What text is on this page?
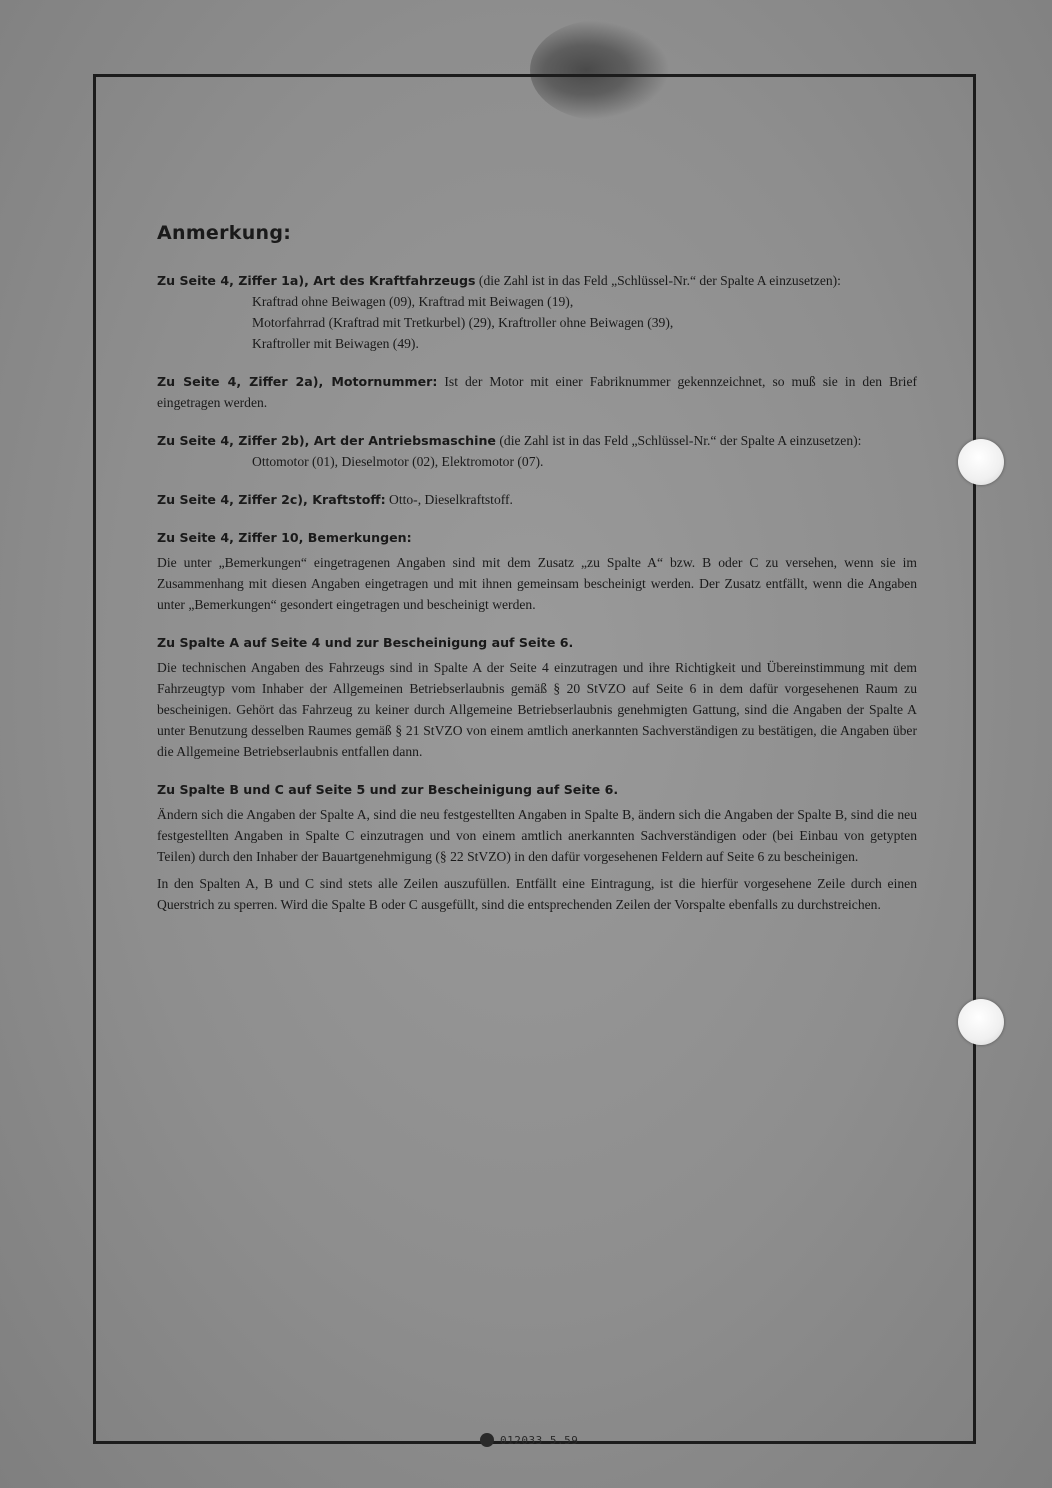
Anmerkung:

Zu Seite 4, Ziffer 1a), Art des Kraftfahrzeugs (die Zahl ist in das Feld „Schlüssel-Nr.“ der Spalte A einzusetzen):

Kraftrad ohne Beiwagen (09), Kraftrad mit Beiwagen (19),

Motorfahrrad (Kraftrad mit Tretkurbel) (29), Kraftroller ohne Beiwagen (39),

Kraftroller mit Beiwagen (49).

Zu Seite 4, Ziffer 2a), Motornummer: Ist der Motor mit einer Fabriknummer gekennzeichnet, so muß sie in den Brief eingetragen werden.

Zu Seite 4, Ziffer 2b), Art der Antriebsmaschine (die Zahl ist in das Feld „Schlüssel-Nr.“ der Spalte A einzusetzen):

Ottomotor (01), Dieselmotor (02), Elektromotor (07).

Zu Seite 4, Ziffer 2c), Kraftstoff: Otto-, Dieselkraftstoff.

Zu Seite 4, Ziffer 10, Bemerkungen:

Die unter „Bemerkungen“ eingetragenen Angaben sind mit dem Zusatz „zu Spalte A“ bzw. B oder C zu versehen, wenn sie im Zusammenhang mit diesen Angaben eingetragen und mit ihnen gemeinsam bescheinigt werden. Der Zusatz entfällt, wenn die Angaben unter „Bemerkungen“ gesondert eingetragen und bescheinigt werden.

Zu Spalte A auf Seite 4 und zur Bescheinigung auf Seite 6.

Die technischen Angaben des Fahrzeugs sind in Spalte A der Seite 4 einzutragen und ihre Richtigkeit und Übereinstimmung mit dem Fahrzeugtyp vom Inhaber der Allgemeinen Betriebserlaubnis gemäß § 20 StVZO auf Seite 6 in dem dafür vorgesehenen Raum zu bescheinigen. Gehört das Fahrzeug zu keiner durch Allgemeine Betriebserlaubnis genehmigten Gattung, sind die Angaben der Spalte A unter Benutzung desselben Raumes gemäß § 21 StVZO von einem amtlich anerkannten Sachverständigen zu bestätigen, die Angaben über die Allgemeine Betriebserlaubnis entfallen dann.

Zu Spalte B und C auf Seite 5 und zur Bescheinigung auf Seite 6.

Ändern sich die Angaben der Spalte A, sind die neu festgestellten Angaben in Spalte B, ändern sich die Angaben der Spalte B, sind die neu festgestellten Angaben in Spalte C einzutragen und von einem amtlich anerkannten Sachverständigen oder (bei Einbau von getypten Teilen) durch den Inhaber der Bauartgenehmigung (§ 22 StVZO) in den dafür vorgesehenen Feldern auf Seite 6 zu bescheinigen.

In den Spalten A, B und C sind stets alle Zeilen auszufüllen. Entfällt eine Eintragung, ist die hierfür vorgesehene Zeile durch einen Querstrich zu sperren. Wird die Spalte B oder C ausgefüllt, sind die entsprechenden Zeilen der Vorspalte ebenfalls zu durchstreichen.

012033 5.59
